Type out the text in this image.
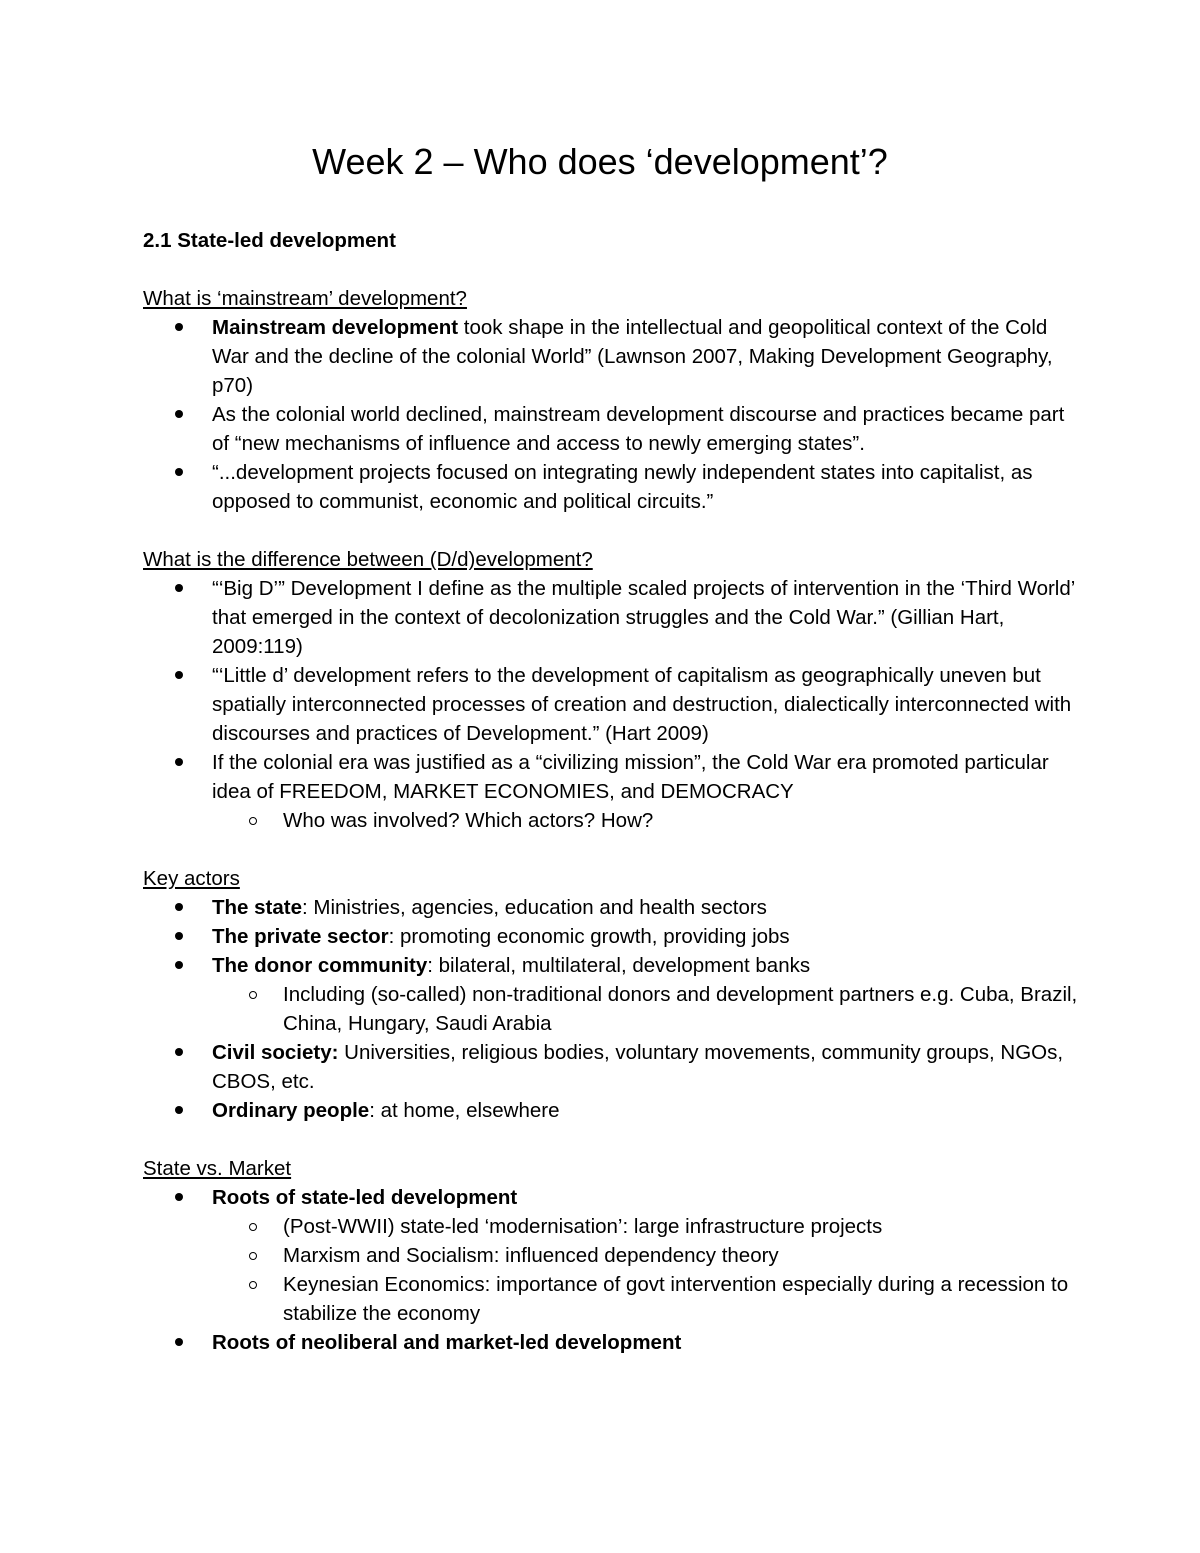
Week 2 – Who does ‘development’?

2.1 State-led development

What is ‘mainstream’ development?

Mainstream development took shape in the intellectual and geopolitical context of the Cold War and the decline of the colonial World” (Lawnson 2007, Making Development Geography, p70)
As the colonial world declined, mainstream development discourse and practices became part of “new mechanisms of influence and access to newly emerging states”.
“...development projects focused on integrating newly independent states into capitalist, as opposed to communist, economic and political circuits.”

What is the difference between (D/d)evelopment?

“‘Big D’” Development I define as the multiple scaled projects of intervention in the ‘Third World’ that emerged in the context of decolonization struggles and the Cold War.” (Gillian Hart, 2009:119)
“‘Little d’ development refers to the development of capitalism as geographically uneven but spatially interconnected processes of creation and destruction, dialectically interconnected with discourses and practices of Development.” (Hart 2009)
If the colonial era was justified as a “civilizing mission”, the Cold War era promoted particular idea of FREEDOM, MARKET ECONOMIES, and DEMOCRACY
Who was involved? Which actors? How?

Key actors

The state: Ministries, agencies, education and health sectors
The private sector: promoting economic growth, providing jobs
The donor community: bilateral, multilateral, development banks
Including (so-called) non-traditional donors and development partners e.g. Cuba, Brazil, China, Hungary, Saudi Arabia
Civil society: Universities, religious bodies, voluntary movements, community groups, NGOs, CBOS, etc.
Ordinary people: at home, elsewhere

State vs. Market

Roots of state-led development
(Post-WWII) state-led ‘modernisation’: large infrastructure projects
Marxism and Socialism: influenced dependency theory
Keynesian Economics: importance of govt intervention especially during a recession to stabilize the economy
Roots of neoliberal and market-led development
